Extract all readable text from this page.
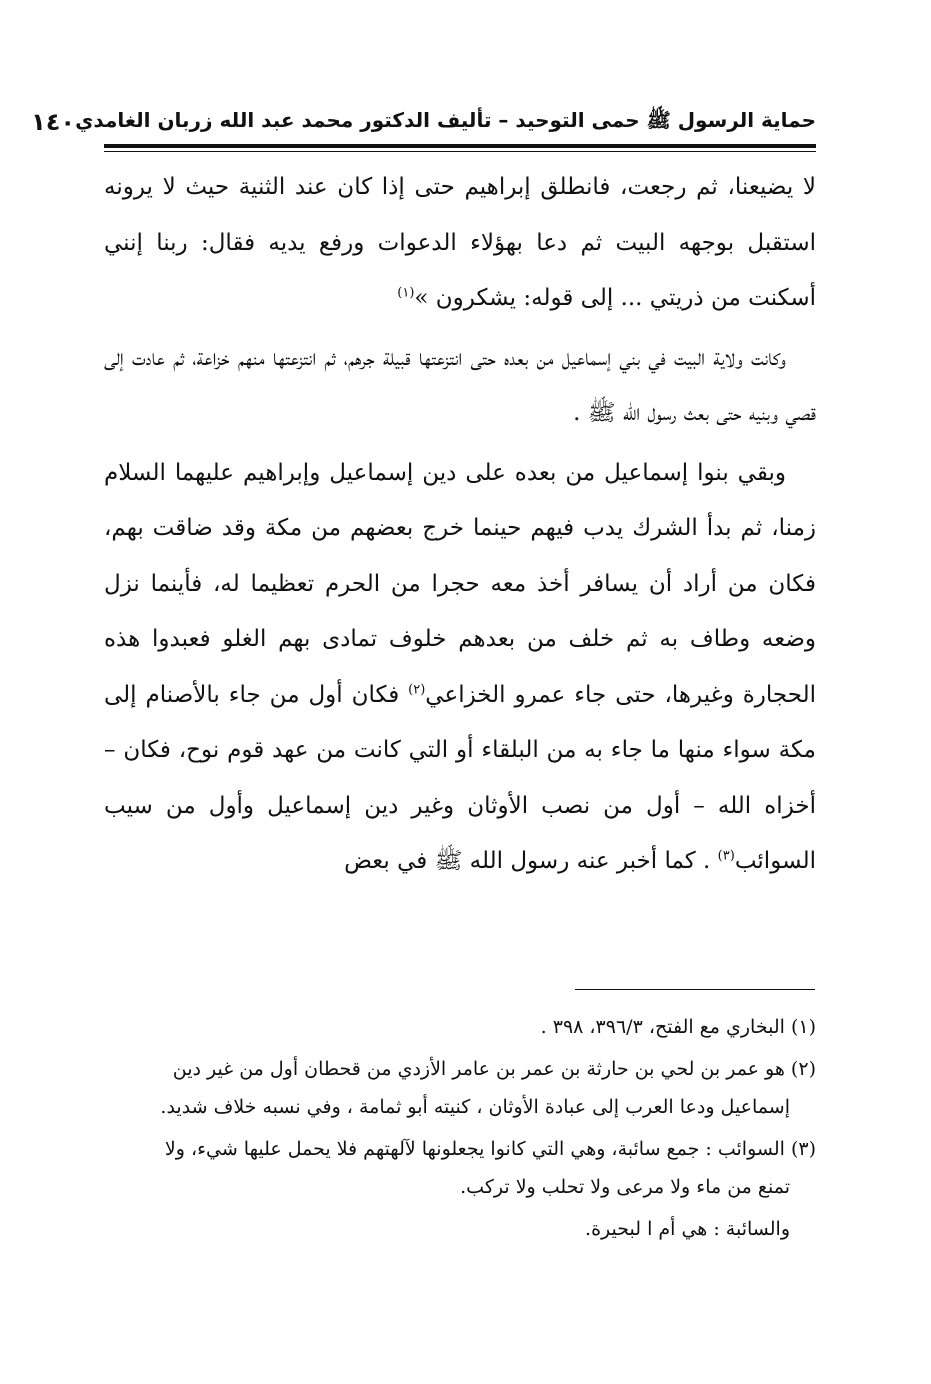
حماية الرسول ﷺ حمى التوحيد – تأليف الدكتور محمد عبد الله زربان الغامدي
١٤٠

لا يضيعنا، ثم رجعت، فانطلق إبراهيم حتى إذا كان عند الثنية حيث لا يرونه استقبل بوجهه البيت ثم دعا بهؤلاء الدعوات ورفع يديه فقال: ربنا إنني أسكنت من ذريتي ... إلى قوله: يشكرون »$^{(١)}$

وكانت ولاية البيت في بني إسماعيل من بعده حتى انتزعتها قبيلة جرهم، ثم انتزعتها منهم خزاعة، ثم عادت إلى قصي وبنيه حتى بعث رسول الله ﷺ .

وبقي بنوا إسماعيل من بعده على دين إسماعيل وإبراهيم عليهما السلام زمنا، ثم بدأ الشرك يدب فيهم حينما خرج بعضهم من مكة وقد ضاقت بهم، فكان من أراد أن يسافر أخذ معه حجرا من الحرم تعظيما له، فأينما نزل وضعه وطاف به ثم خلف من بعدهم خلوف تمادى بهم الغلو فعبدوا هذه الحجارة وغيرها، حتى جاء عمرو الخزاعي$^{(٢)}$ فكان أول من جاء بالأصنام إلى مكة سواء منها ما جاء به من البلقاء أو التي كانت من عهد قوم نوح، فكان –أخزاه الله – أول من نصب الأوثان وغير دين إسماعيل وأول من سيب السوائب$^{(٣)}$ . كما أخبر عنه رسول الله ﷺ في بعض

(١) البخاري مع الفتح، ٣٩٦/٣، ٣٩٨ .
(٢) هو عمر بن لحي بن حارثة بن عمر بن عامر الأزدي من قحطان أول من غير دين
إسماعيل ودعا العرب إلى عبادة الأوثان ، كنيته أبو ثمامة ، وفي نسبه خلاف شديد.
(٣) السوائب : جمع سائبة، وهي التي كانوا يجعلونها لآلهتهم فلا يحمل عليها شيء، ولا
تمنع من ماء ولا مرعى ولا تحلب ولا تركب.
والسائبة : هي أم ا لبحيرة.
